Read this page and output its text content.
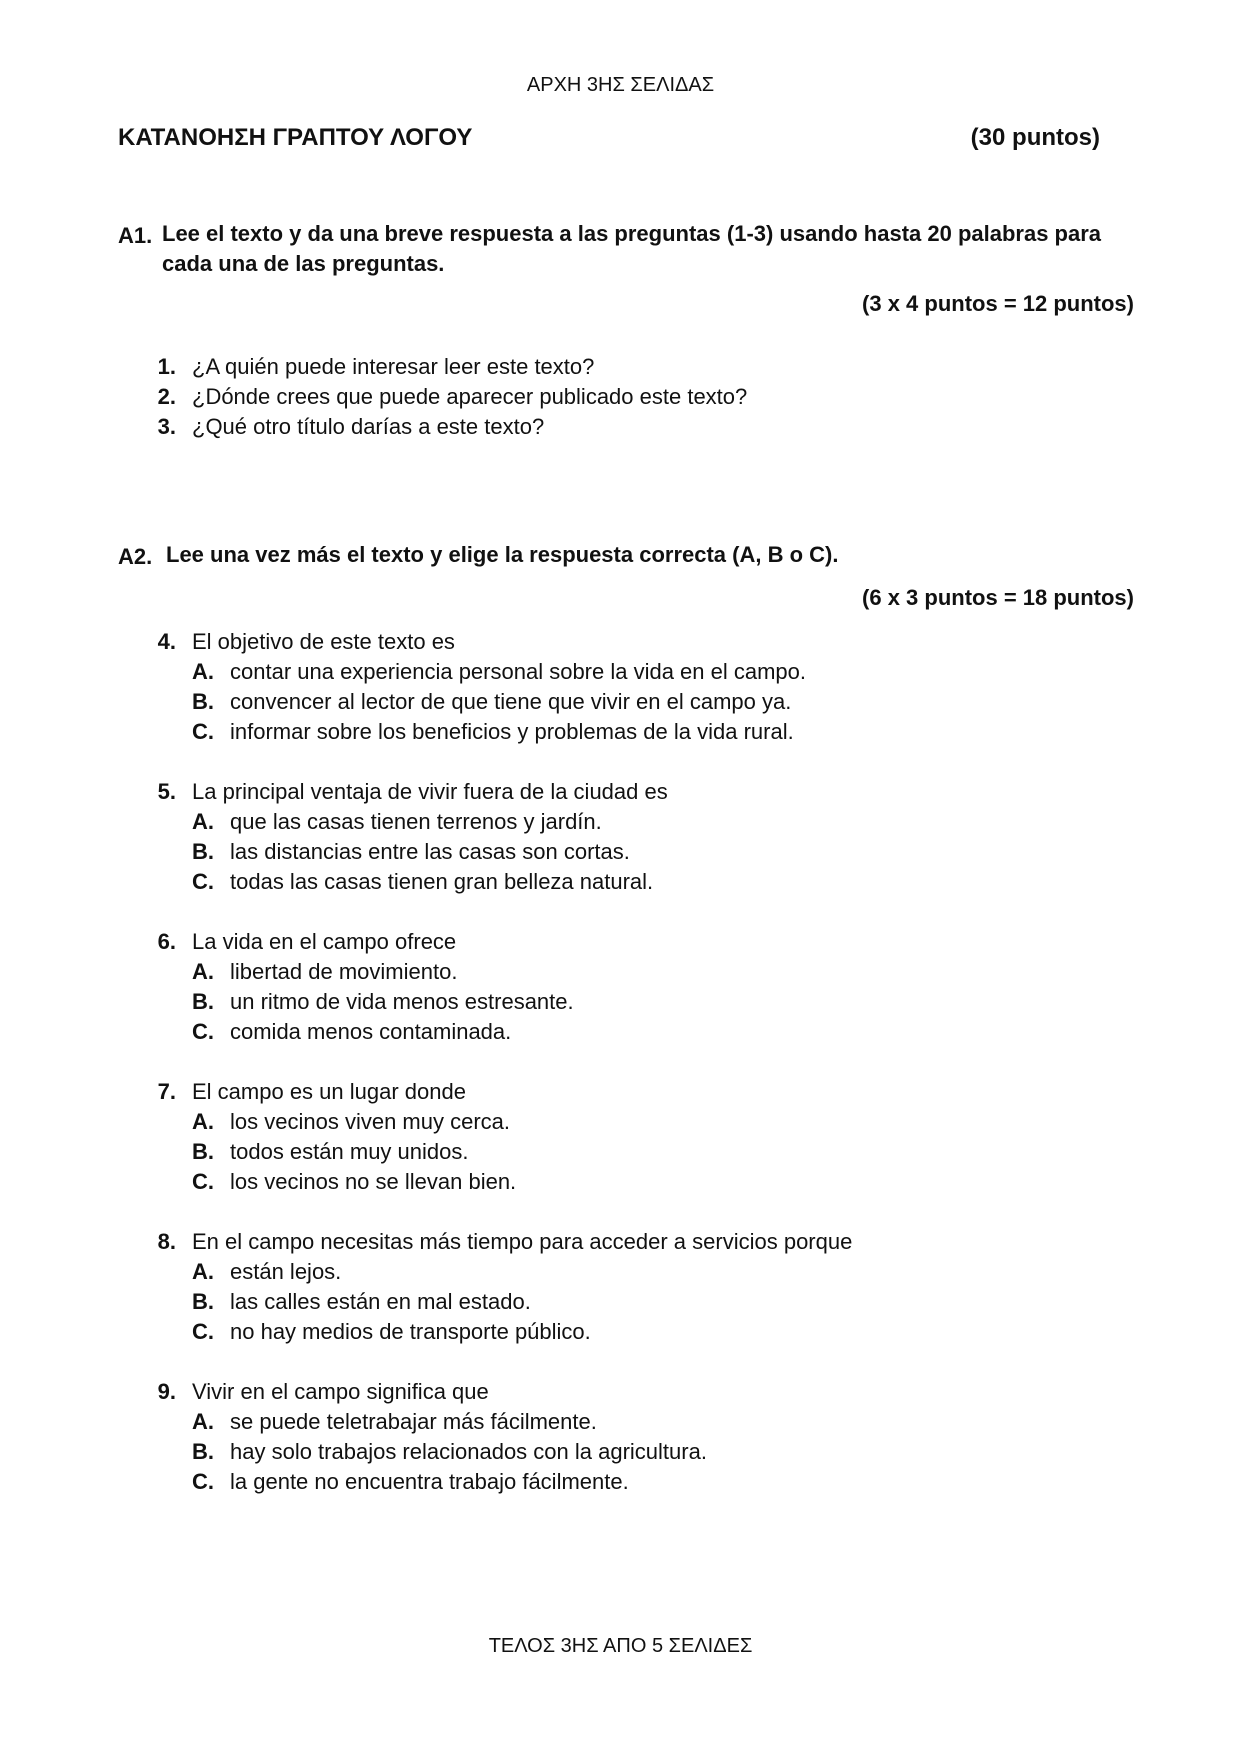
ΑΡΧΗ 3ΗΣ ΣΕΛΙΔΑΣ
ΚΑΤΑΝΟΗΣΗ ΓΡΑΠΤΟΥ ΛΟΓΟΥ	(30 puntos)
A1. Lee el texto y da una breve respuesta a las preguntas (1-3) usando hasta 20 palabras para
cada una de las preguntas.
(3 x 4 puntos = 12 puntos)
1. ¿A quién puede interesar leer este texto?
2. ¿Dónde crees que puede aparecer publicado este texto?
3. ¿Qué otro título darías a este texto?
A2. Lee una vez más el texto y elige la respuesta correcta (A, B o C).
(6 x 3 puntos = 18 puntos)
4. El objetivo de este texto es
A. contar una experiencia personal sobre la vida en el campo.
B. convencer al lector de que tiene que vivir en el campo ya.
C. informar sobre los beneficios y problemas de la vida rural.
5. La principal ventaja de vivir fuera de la ciudad es
A. que las casas tienen terrenos y jardín.
B. las distancias entre las casas son cortas.
C. todas las casas tienen gran belleza natural.
6. La vida en el campo ofrece
A. libertad de movimiento.
B. un ritmo de vida menos estresante.
C. comida menos contaminada.
7. El campo es un lugar donde
A. los vecinos viven muy cerca.
B. todos están muy unidos.
C. los vecinos no se llevan bien.
8. En el campo necesitas más tiempo para acceder a servicios porque
A. están lejos.
B. las calles están en mal estado.
C. no hay medios de transporte público.
9. Vivir en el campo significa que
A. se puede teletrabajar más fácilmente.
B. hay solo trabajos relacionados con la agricultura.
C. la gente no encuentra trabajo fácilmente.
ΤΕΛΟΣ 3ΗΣ ΑΠΟ 5 ΣΕΛΙΔΕΣ
